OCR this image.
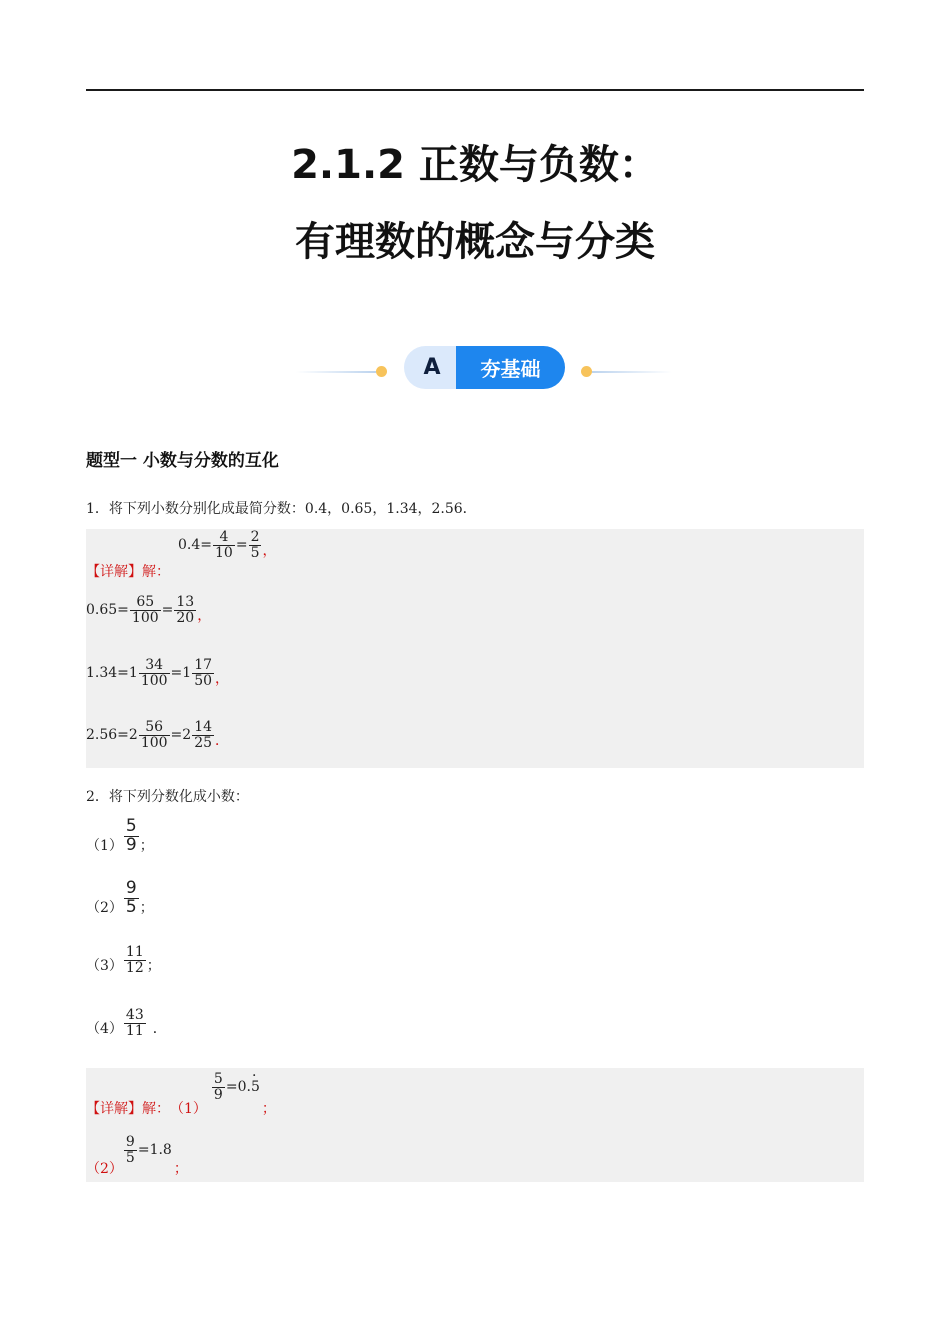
2.1.2 正数与负数：
有理数的概念与分类
A	夯基础
题型一 小数与分数的互化
1．将下列小数分别化成最简分数：0.4，0.65，1.34，2.56．
【详解】解：
$0.4= \frac{4}{10} = \frac{2}{5}$ ，
$0.65= \frac{65}{100} = \frac{13}{20}$ ，
$1.34=1 \frac{34}{100} = 1 \frac{17}{50}$ ，
$2.56=2 \frac{56}{100} = 2 \frac{14}{25}$ ．
2．将下列分数化成小数：
$(1) \frac{5}{9}$ ；
$(2) \frac{9}{5}$ ；
$(3) \frac{11}{12}$ ；
$(4) \frac{43}{11}$ ．
【详解】解： （1）
$\frac{5}{9} =0$.
· 5
；
（2）
$\frac{9}{5} =1.8$
；
